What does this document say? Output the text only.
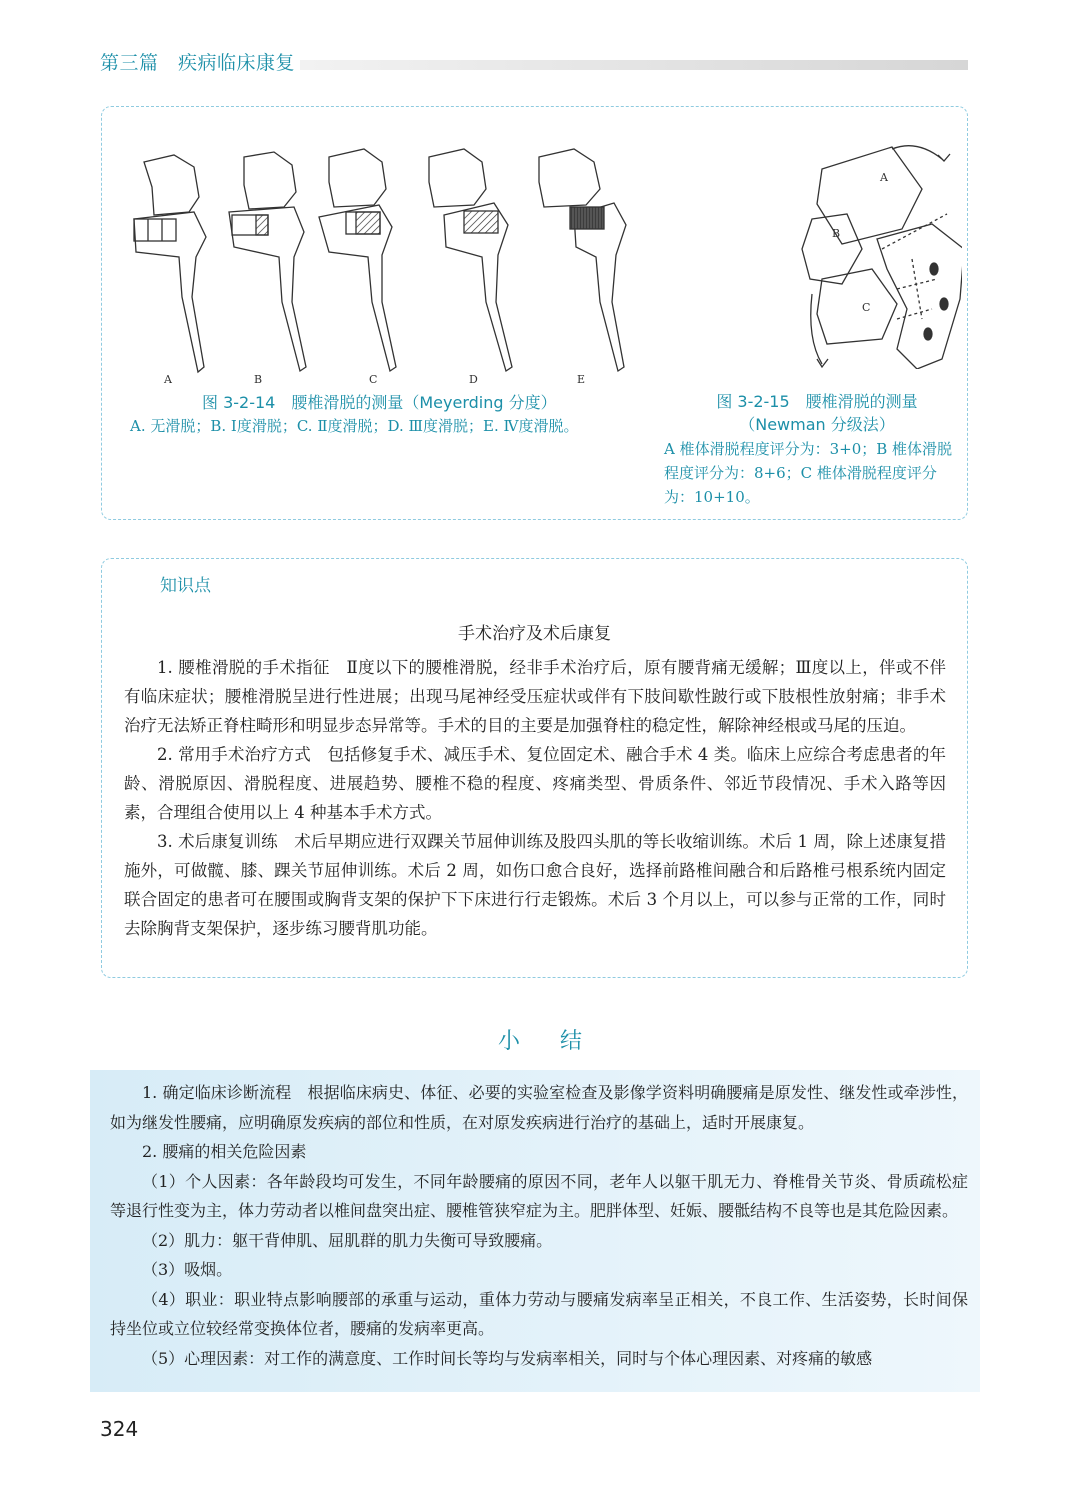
第三篇　疾病临床康复
A	B	C	D	E
A
B
C
图 3-2-14　腰椎滑脱的测量（Meyerding 分度）
A. 无滑脱；B. Ⅰ度滑脱；C. Ⅱ度滑脱；D. Ⅲ度滑脱；E. Ⅳ度滑脱。
图 3-2-15　腰椎滑脱的测量
（Newman 分级法）
A 椎体滑脱程度评分为：3+0；B 椎体滑脱程度评分为：8+6；C 椎体滑脱程度评分为：10+10。
知识点
手术治疗及术后康复

1. 腰椎滑脱的手术指征　Ⅱ度以下的腰椎滑脱，经非手术治疗后，原有腰背痛无缓解；Ⅲ度以上，伴或不伴有临床症状；腰椎滑脱呈进行性进展；出现马尾神经受压症状或伴有下肢间歇性跛行或下肢根性放射痛；非手术治疗无法矫正脊柱畸形和明显步态异常等。手术的目的主要是加强脊柱的稳定性，解除神经根或马尾的压迫。

2. 常用手术治疗方式　包括修复手术、减压手术、复位固定术、融合手术 4 类。临床上应综合考虑患者的年龄、滑脱原因、滑脱程度、进展趋势、腰椎不稳的程度、疼痛类型、骨质条件、邻近节段情况、手术入路等因素，合理组合使用以上 4 种基本手术方式。

3. 术后康复训练　术后早期应进行双踝关节屈伸训练及股四头肌的等长收缩训练。术后 1 周，除上述康复措施外，可做髋、膝、踝关节屈伸训练。术后 2 周，如伤口愈合良好，选择前路椎间融合和后路椎弓根系统内固定联合固定的患者可在腰围或胸背支架的保护下下床进行行走锻炼。术后 3 个月以上，可以参与正常的工作，同时去除胸背支架保护，逐步练习腰背肌功能。

小结

1. 确定临床诊断流程　根据临床病史、体征、必要的实验室检查及影像学资料明确腰痛是原发性、继发性或牵涉性，如为继发性腰痛，应明确原发疾病的部位和性质，在对原发疾病进行治疗的基础上，适时开展康复。

2. 腰痛的相关危险因素

（1）个人因素：各年龄段均可发生，不同年龄腰痛的原因不同，老年人以躯干肌无力、脊椎骨关节炎、骨质疏松症等退行性变为主，体力劳动者以椎间盘突出症、腰椎管狭窄症为主。肥胖体型、妊娠、腰骶结构不良等也是其危险因素。

（2）肌力：躯干背伸肌、屈肌群的肌力失衡可导致腰痛。

（3）吸烟。

（4）职业：职业特点影响腰部的承重与运动，重体力劳动与腰痛发病率呈正相关，不良工作、生活姿势，长时间保持坐位或立位较经常变换体位者，腰痛的发病率更高。

（5）心理因素：对工作的满意度、工作时间长等均与发病率相关，同时与个体心理因素、对疼痛的敏感

324
